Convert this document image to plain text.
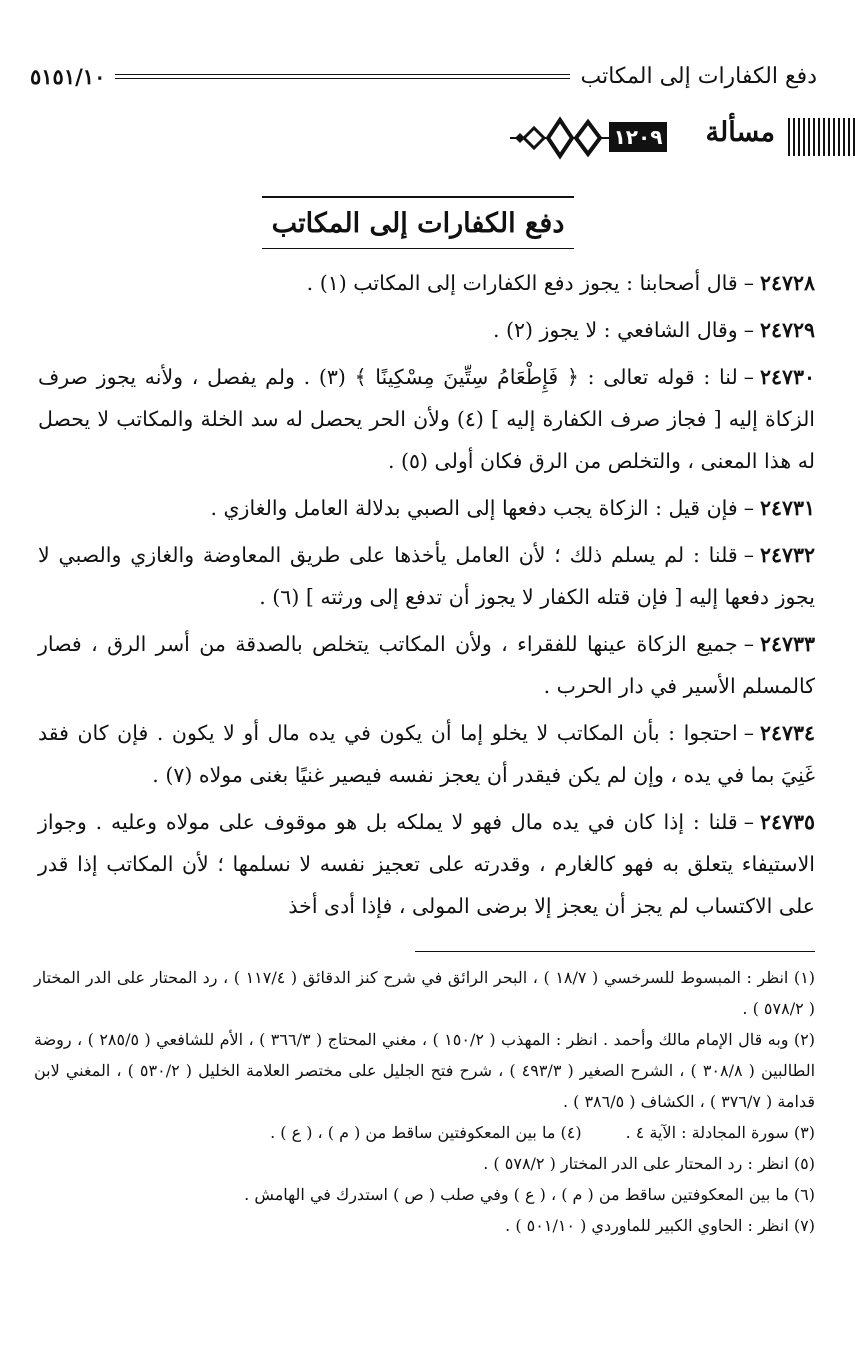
دفع الكفارات إلى المكاتب
٥١٥١/١٠
مسألة
١٢٠٩
دفع الكفارات إلى المكاتب

٢٤٧٢٨–قال أصحابنا : يجوز دفع الكفارات إلى المكاتب (١) .

٢٤٧٢٩–وقال الشافعي : لا يجوز (٢) .

٢٤٧٣٠–لنا : قوله تعالى : ﴿ فَإِطْعَامُ سِتِّينَ مِسْكِينًا ﴾ (٣) . ولم يفصل ، ولأنه يجوز صرف الزكاة إليه [ فجاز صرف الكفارة إليه ] (٤) ولأن الحر يحصل له سد الخلة والمكاتب لا يحصل له هذا المعنى ، والتخلص من الرق فكان أولى (٥) .

٢٤٧٣١–فإن قيل : الزكاة يجب دفعها إلى الصبي بدلالة العامل والغازي .

٢٤٧٣٢–قلنا : لم يسلم ذلك ؛ لأن العامل يأخذها على طريق المعاوضة والغازي والصبي لا يجوز دفعها إليه [ فإن قتله الكفار لا يجوز أن تدفع إلى ورثته ] (٦) .

٢٤٧٣٣–جميع الزكاة عينها للفقراء ، ولأن المكاتب يتخلص بالصدقة من أسر الرق ، فصار كالمسلم الأسير في دار الحرب .

٢٤٧٣٤–احتجوا : بأن المكاتب لا يخلو إما أن يكون في يده مال أو لا يكون . فإن كان فقد غَنِيَ بما في يده ، وإن لم يكن فيقدر أن يعجز نفسه فيصير غنيًا بغنى مولاه (٧) .

٢٤٧٣٥–قلنا : إذا كان في يده مال فهو لا يملكه بل هو موقوف على مولاه وعليه . وجواز الاستيفاء يتعلق به فهو كالغارم ، وقدرته على تعجيز نفسه لا نسلمها ؛ لأن المكاتب إذا قدر على الاكتساب لم يجز أن يعجز إلا برضى المولى ، فإذا أدى أخذ

(١) انظر : المبسوط للسرخسي ( ١٨/٧ ) ، البحر الرائق في شرح كنز الدقائق ( ١١٧/٤ ) ، رد المحتار على الدر المختار ( ٥٧٨/٢ ) .

(٢) وبه قال الإمام مالك وأحمد . انظر : المهذب ( ١٥٠/٢ ) ، مغني المحتاج ( ٣٦٦/٣ ) ، الأم للشافعي ( ٢٨٥/٥ ) ، روضة الطالبين ( ٣٠٨/٨ ) ، الشرح الصغير ( ٤٩٣/٣ ) ، شرح فتح الجليل على مختصر العلامة الخليل ( ٥٣٠/٢ ) ، المغني لابن قدامة ( ٣٧٦/٧ ) ، الكشاف ( ٣٨٦/٥ ) .

(٣) سورة المجادلة : الآية ٤ .

(٤) ما بين المعكوفتين ساقط من ( م ) ، ( ع ) .

(٥) انظر : رد المحتار على الدر المختار ( ٥٧٨/٢ ) .

(٦) ما بين المعكوفتين ساقط من ( م ) ، ( ع ) وفي صلب ( ص ) استدرك في الهامش .

(٧) انظر : الحاوي الكبير للماوردي ( ٥٠١/١٠ ) .
